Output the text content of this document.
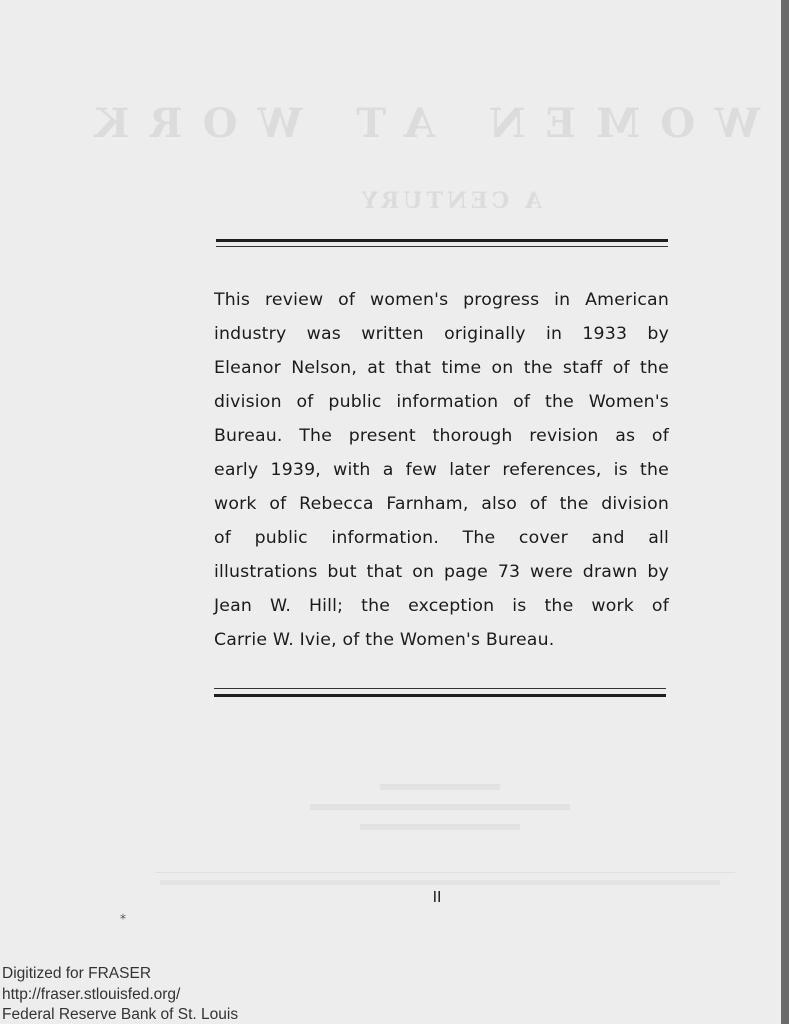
WOMEN AT WORK
A CENTURY
This review of women's progress in American
industry was written originally in 1933 by
Eleanor Nelson, at that time on the staff of the
division of public information of the Women's
Bureau. The present thorough revision as of
early 1939, with a few later references, is the
work of Rebecca Farnham, also of the division
of public information. The cover and all
illustrations but that on page 73 were drawn by
Jean W. Hill; the exception is the work of
Carrie W. Ivie, of the Women's Bureau.
II
⁎
Digitized for FRASER
http://fraser.stlouisfed.org/
Federal Reserve Bank of St. Louis
